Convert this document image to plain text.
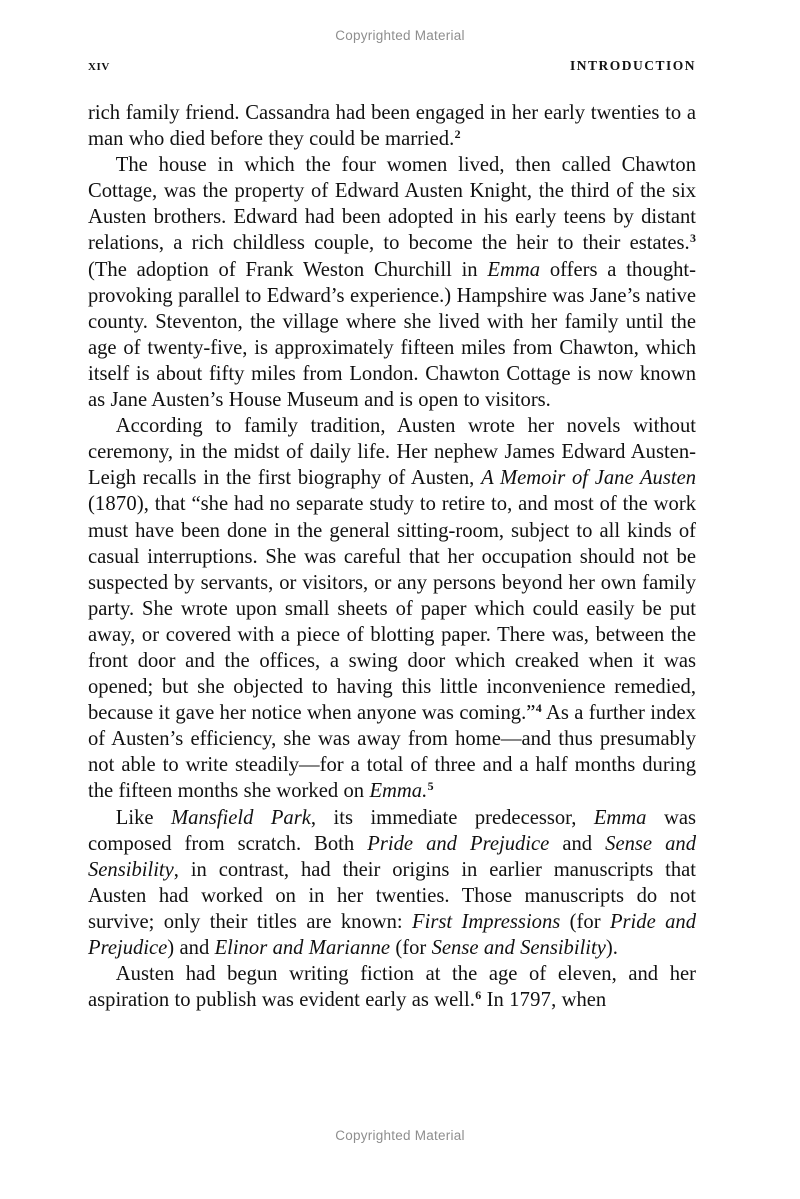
Copyrighted Material
xiv	INTRODUCTION

rich family friend. Cassandra had been engaged in her early twenties to a man who died before they could be married.$^2$

The house in which the four women lived, then called Chawton Cottage, was the property of Edward Austen Knight, the third of the six Austen brothers. Edward had been adopted in his early teens by distant relations, a rich childless couple, to become the heir to their estates.$^3$ (The adoption of Frank Weston Churchill in Emma offers a thought-provoking parallel to Edward’s experience.) Hampshire was Jane’s native county. Steventon, the village where she lived with her family until the age of twenty-five, is approximately fifteen miles from Chawton, which itself is about fifty miles from London. Chawton Cottage is now known as Jane Austen’s House Museum and is open to visitors.

According to family tradition, Austen wrote her novels without ceremony, in the midst of daily life. Her nephew James Edward Austen-Leigh recalls in the first biography of Austen, A Memoir of Jane Austen (1870), that “she had no separate study to retire to, and most of the work must have been done in the general sitting-room, subject to all kinds of casual interruptions. She was careful that her occupation should not be suspected by servants, or visitors, or any persons beyond her own family party. She wrote upon small sheets of paper which could easily be put away, or covered with a piece of blotting paper. There was, between the front door and the offices, a swing door which creaked when it was opened; but she objected to having this little inconvenience remedied, because it gave her notice when anyone was coming.”$^4$ As a further index of Austen’s efficiency, she was away from home—and thus presumably not able to write steadily—for a total of three and a half months during the fifteen months she worked on Emma.$^5$

Like Mansfield Park, its immediate predecessor, Emma was composed from scratch. Both Pride and Prejudice and Sense and Sensibility, in contrast, had their origins in earlier manuscripts that Austen had worked on in her twenties. Those manuscripts do not survive; only their titles are known: First Impressions (for Pride and Prejudice) and Elinor and Marianne (for Sense and Sensibility).

Austen had begun writing fiction at the age of eleven, and her aspiration to publish was evident early as well.$^6$ In 1797, when

Copyrighted Material
